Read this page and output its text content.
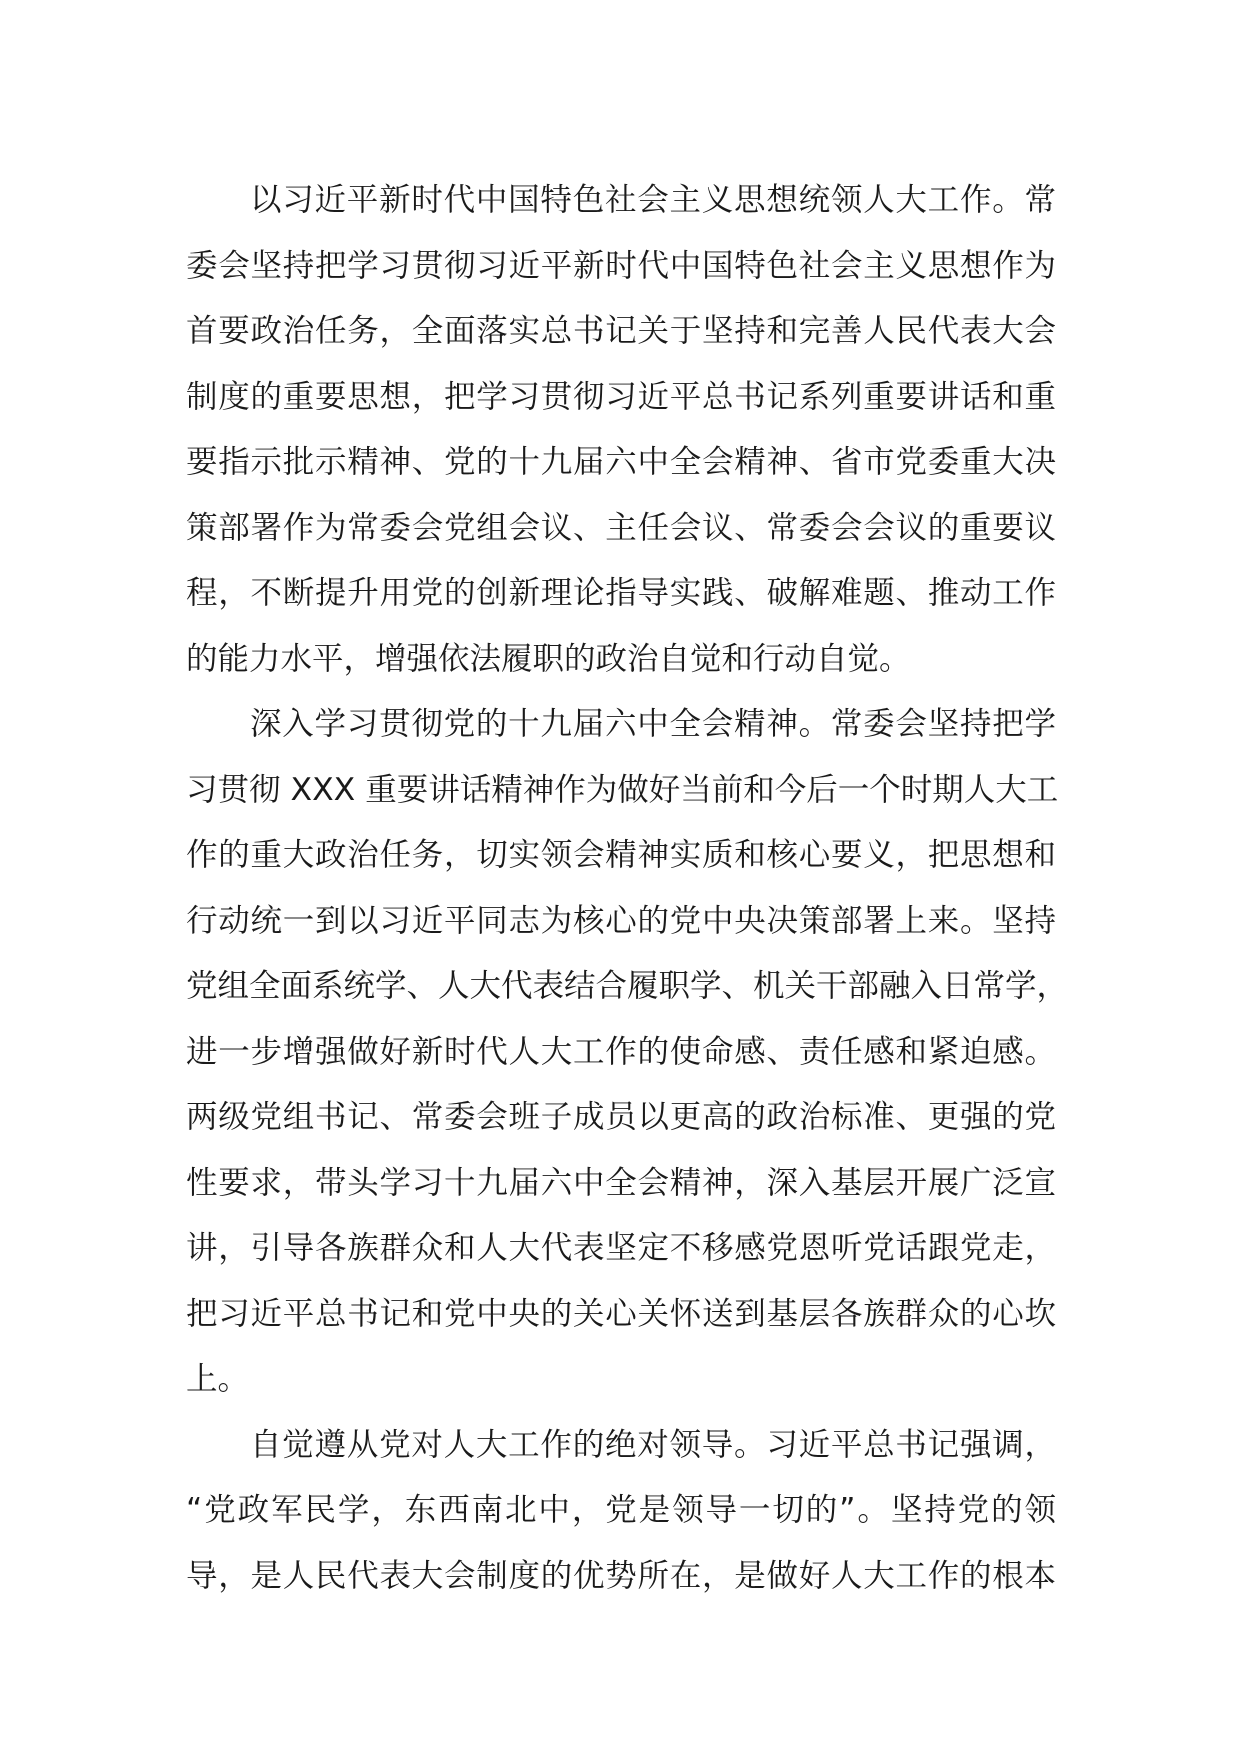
以习近平新时代中国特色社会主义思想统领人大工作。常
委会坚持把学习贯彻习近平新时代中国特色社会主义思想作为
首要政治任务，全面落实总书记关于坚持和完善人民代表大会
制度的重要思想，把学习贯彻习近平总书记系列重要讲话和重
要指示批示精神、党的十九届六中全会精神、省市党委重大决
策部署作为常委会党组会议、主任会议、常委会会议的重要议
程，不断提升用党的创新理论指导实践、破解难题、推动工作
的能力水平，增强依法履职的政治自觉和行动自觉。
深入学习贯彻党的十九届六中全会精神。常委会坚持把学
习贯彻 XXX 重要讲话精神作为做好当前和今后一个时期人大工
作的重大政治任务，切实领会精神实质和核心要义，把思想和
行动统一到以习近平同志为核心的党中央决策部署上来。坚持
党组全面系统学、人大代表结合履职学、机关干部融入日常学，
进一步增强做好新时代人大工作的使命感、责任感和紧迫感。
两级党组书记、常委会班子成员以更高的政治标准、更强的党
性要求，带头学习十九届六中全会精神，深入基层开展广泛宣
讲，引导各族群众和人大代表坚定不移感党恩听党话跟党走，
把习近平总书记和党中央的关心关怀送到基层各族群众的心坎
上。
自觉遵从党对人大工作的绝对领导。习近平总书记强调，
“党政军民学，东西南北中，党是领导一切的”。坚持党的领
导，是人民代表大会制度的优势所在，是做好人大工作的根本
